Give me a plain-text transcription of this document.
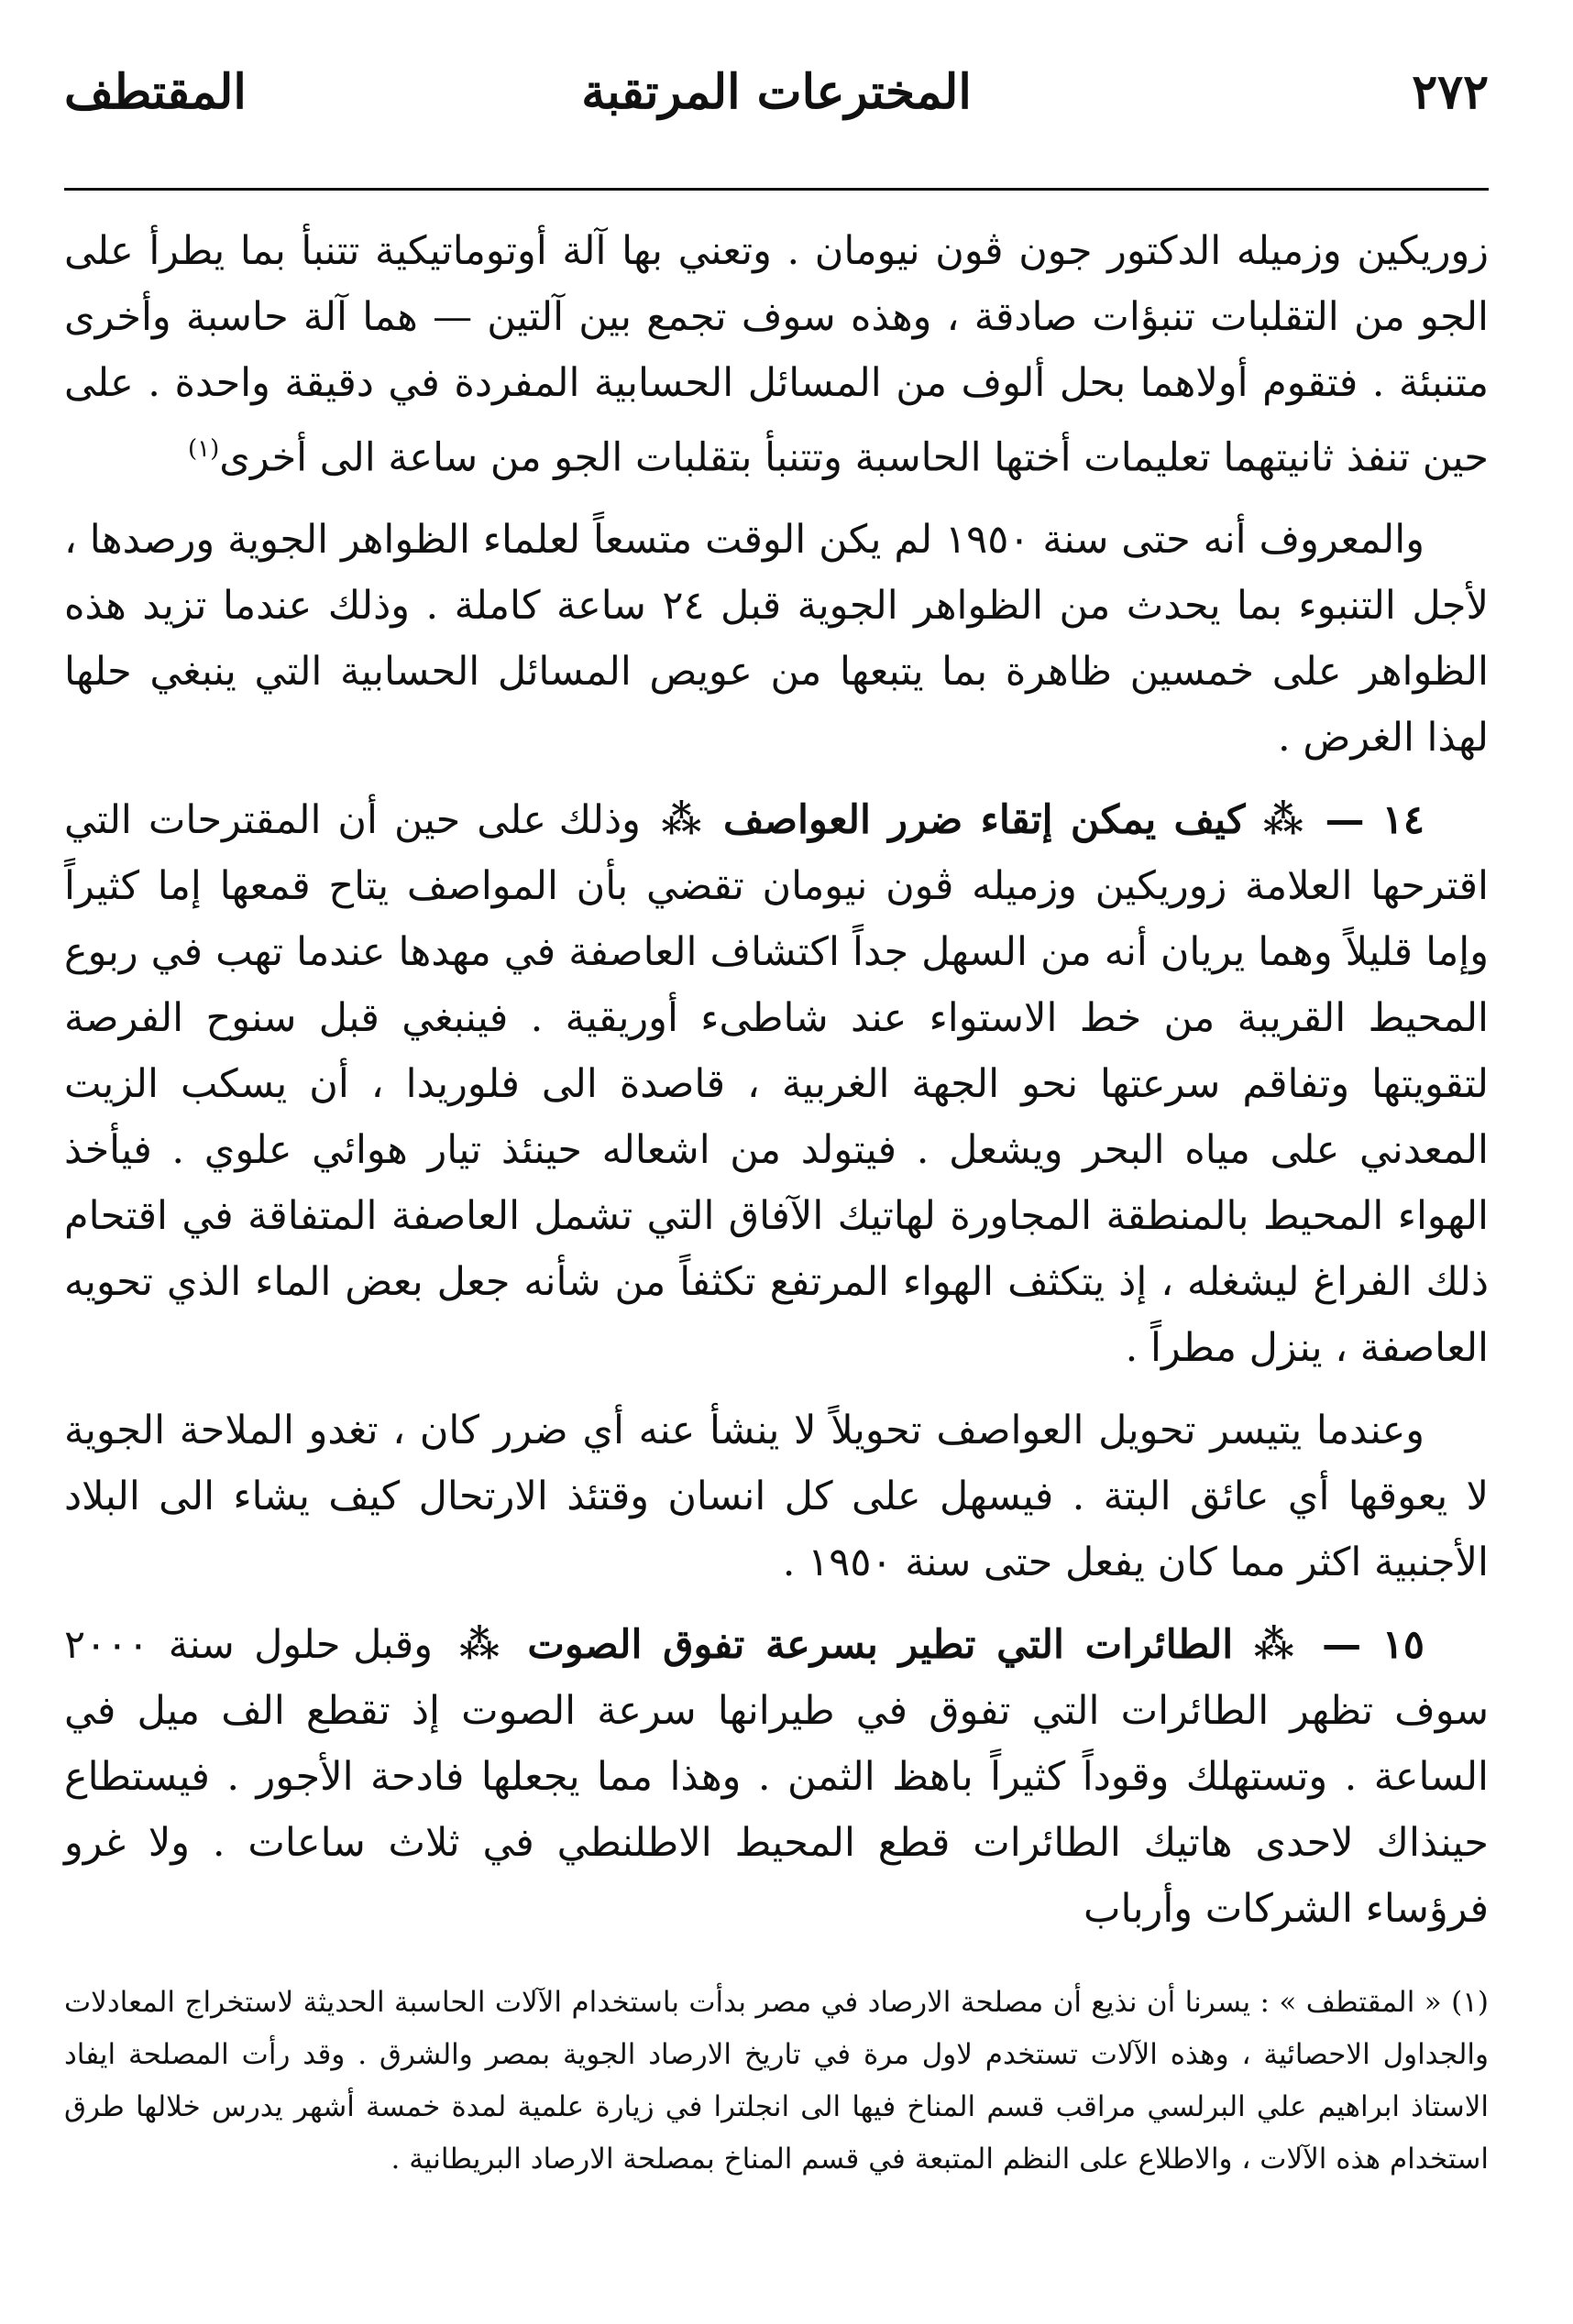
٢٧٢
المخترعات المرتقبة
المقتطف

زوريكين وزميله الدكتور جون ڤون نيومان . وتعني بها آلة أوتوماتيكية تتنبأ بما يطرأ على الجو من التقلبات تنبؤات صادقة ، وهذه سوف تجمع بين آلتين — هما آلة حاسبة وأخرى متنبئة . فتقوم أولاهما بحل ألوف من المسائل الحسابية المفردة في دقيقة واحدة . على حين تنفذ ثانيتهما تعليمات أختها الحاسبة وتتنبأ بتقلبات الجو من ساعة الى أخرى$^{(١)}$

والمعروف أنه حتى سنة ١٩٥٠ لم يكن الوقت متسعاً لعلماء الظواهر الجوية ورصدها ، لأجل التنبوء بما يحدث من الظواهر الجوية قبل ٢٤ ساعة كاملة . وذلك عندما تزيد هذه الظواهر على خمسين ظاهرة بما يتبعها من عويص المسائل الحسابية التي ينبغي حلها لهذا الغرض .

١٤ — ⁂ كيف يمكن إتقاء ضرر العواصف ⁂ وذلك على حين أن المقترحات التي اقترحها العلامة زوريكين وزميله ڤون نيومان تقضي بأن المواصف يتاح قمعها إما كثيراً وإما قليلاً وهما يريان أنه من السهل جداً اكتشاف العاصفة في مهدها عندما تهب في ربوع المحيط القريبة من خط الاستواء عند شاطىء أوريقية . فينبغي قبل سنوح الفرصة لتقويتها وتفاقم سرعتها نحو الجهة الغربية ، قاصدة الى فلوريدا ، أن يسكب الزيت المعدني على مياه البحر ويشعل . فيتولد من اشعاله حينئذ تيار هوائي علوي . فيأخذ الهواء المحيط بالمنطقة المجاورة لهاتيك الآفاق التي تشمل العاصفة المتفاقة في اقتحام ذلك الفراغ ليشغله ، إذ يتكثف الهواء المرتفع تكثفاً من شأنه جعل بعض الماء الذي تحويه العاصفة ، ينزل مطراً .

وعندما يتيسر تحويل العواصف تحويلاً لا ينشأ عنه أي ضرر كان ، تغدو الملاحة الجوية لا يعوقها أي عائق البتة . فيسهل على كل انسان وقتئذ الارتحال كيف يشاء الى البلاد الأجنبية اكثر مما كان يفعل حتى سنة ١٩٥٠ .

١٥ — ⁂ الطائرات التي تطير بسرعة تفوق الصوت ⁂ وقبل حلول سنة ٢٠٠٠ سوف تظهر الطائرات التي تفوق في طيرانها سرعة الصوت إذ تقطع الف ميل في الساعة . وتستهلك وقوداً كثيراً باهظ الثمن . وهذا مما يجعلها فادحة الأجور . فيستطاع حينذاك لاحدى هاتيك الطائرات قطع المحيط الاطلنطي في ثلاث ساعات . ولا غرو فرؤساء الشركات وأرباب

(١) « المقتطف » : يسرنا أن نذيع أن مصلحة الارصاد في مصر بدأت باستخدام الآلات الحاسبة الحديثة لاستخراج المعادلات والجداول الاحصائية ، وهذه الآلات تستخدم لاول مرة في تاريخ الارصاد الجوية بمصر والشرق . وقد رأت المصلحة ايفاد الاستاذ ابراهيم علي البرلسي مراقب قسم المناخ فيها الى انجلترا في زيارة علمية لمدة خمسة أشهر يدرس خلالها طرق استخدام هذه الآلات ، والاطلاع على النظم المتبعة في قسم المناخ بمصلحة الارصاد البريطانية .
